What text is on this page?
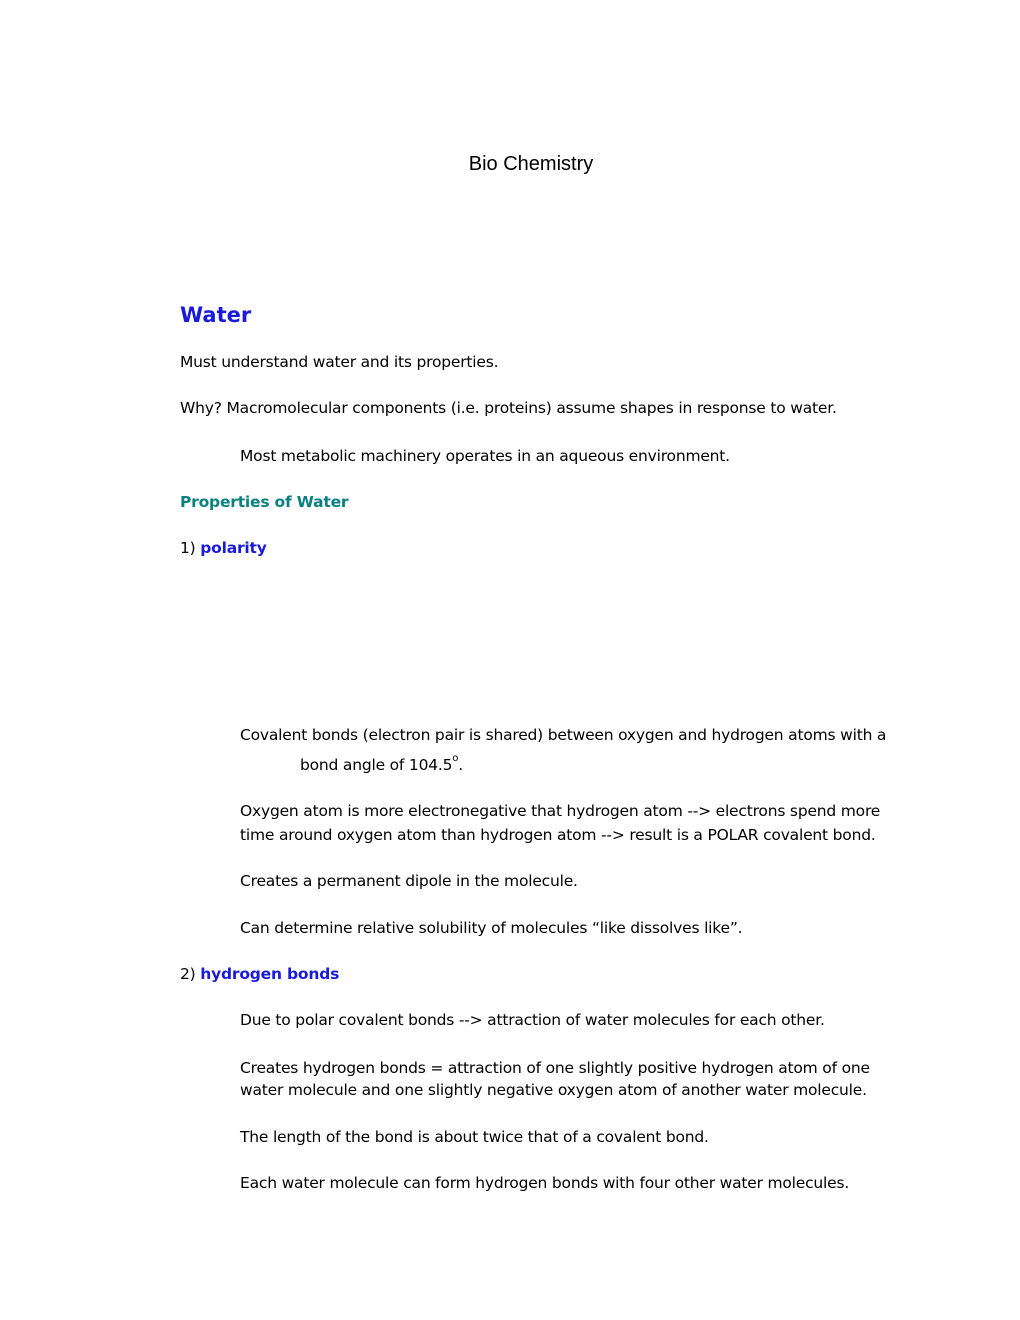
Bio Chemistry
Water
Must understand water and its properties.
Why? Macromolecular components (i.e. proteins) assume shapes in response to water.
Most metabolic machinery operates in an aqueous environment.
Properties of Water
1) polarity
Covalent bonds (electron pair is shared) between oxygen and hydrogen atoms with a
bond angle of 104.5$^o$.
Oxygen atom is more electronegative that hydrogen atom --> electrons spend more
time around oxygen atom than hydrogen atom --> result is a POLAR covalent bond.
Creates a permanent dipole in the molecule.
Can determine relative solubility of molecules “like dissolves like”.
2) hydrogen bonds
Due to polar covalent bonds --> attraction of water molecules for each other.
Creates hydrogen bonds = attraction of one slightly positive hydrogen atom of one
water molecule and one slightly negative oxygen atom of another water molecule.
The length of the bond is about twice that of a covalent bond.
Each water molecule can form hydrogen bonds with four other water molecules.
